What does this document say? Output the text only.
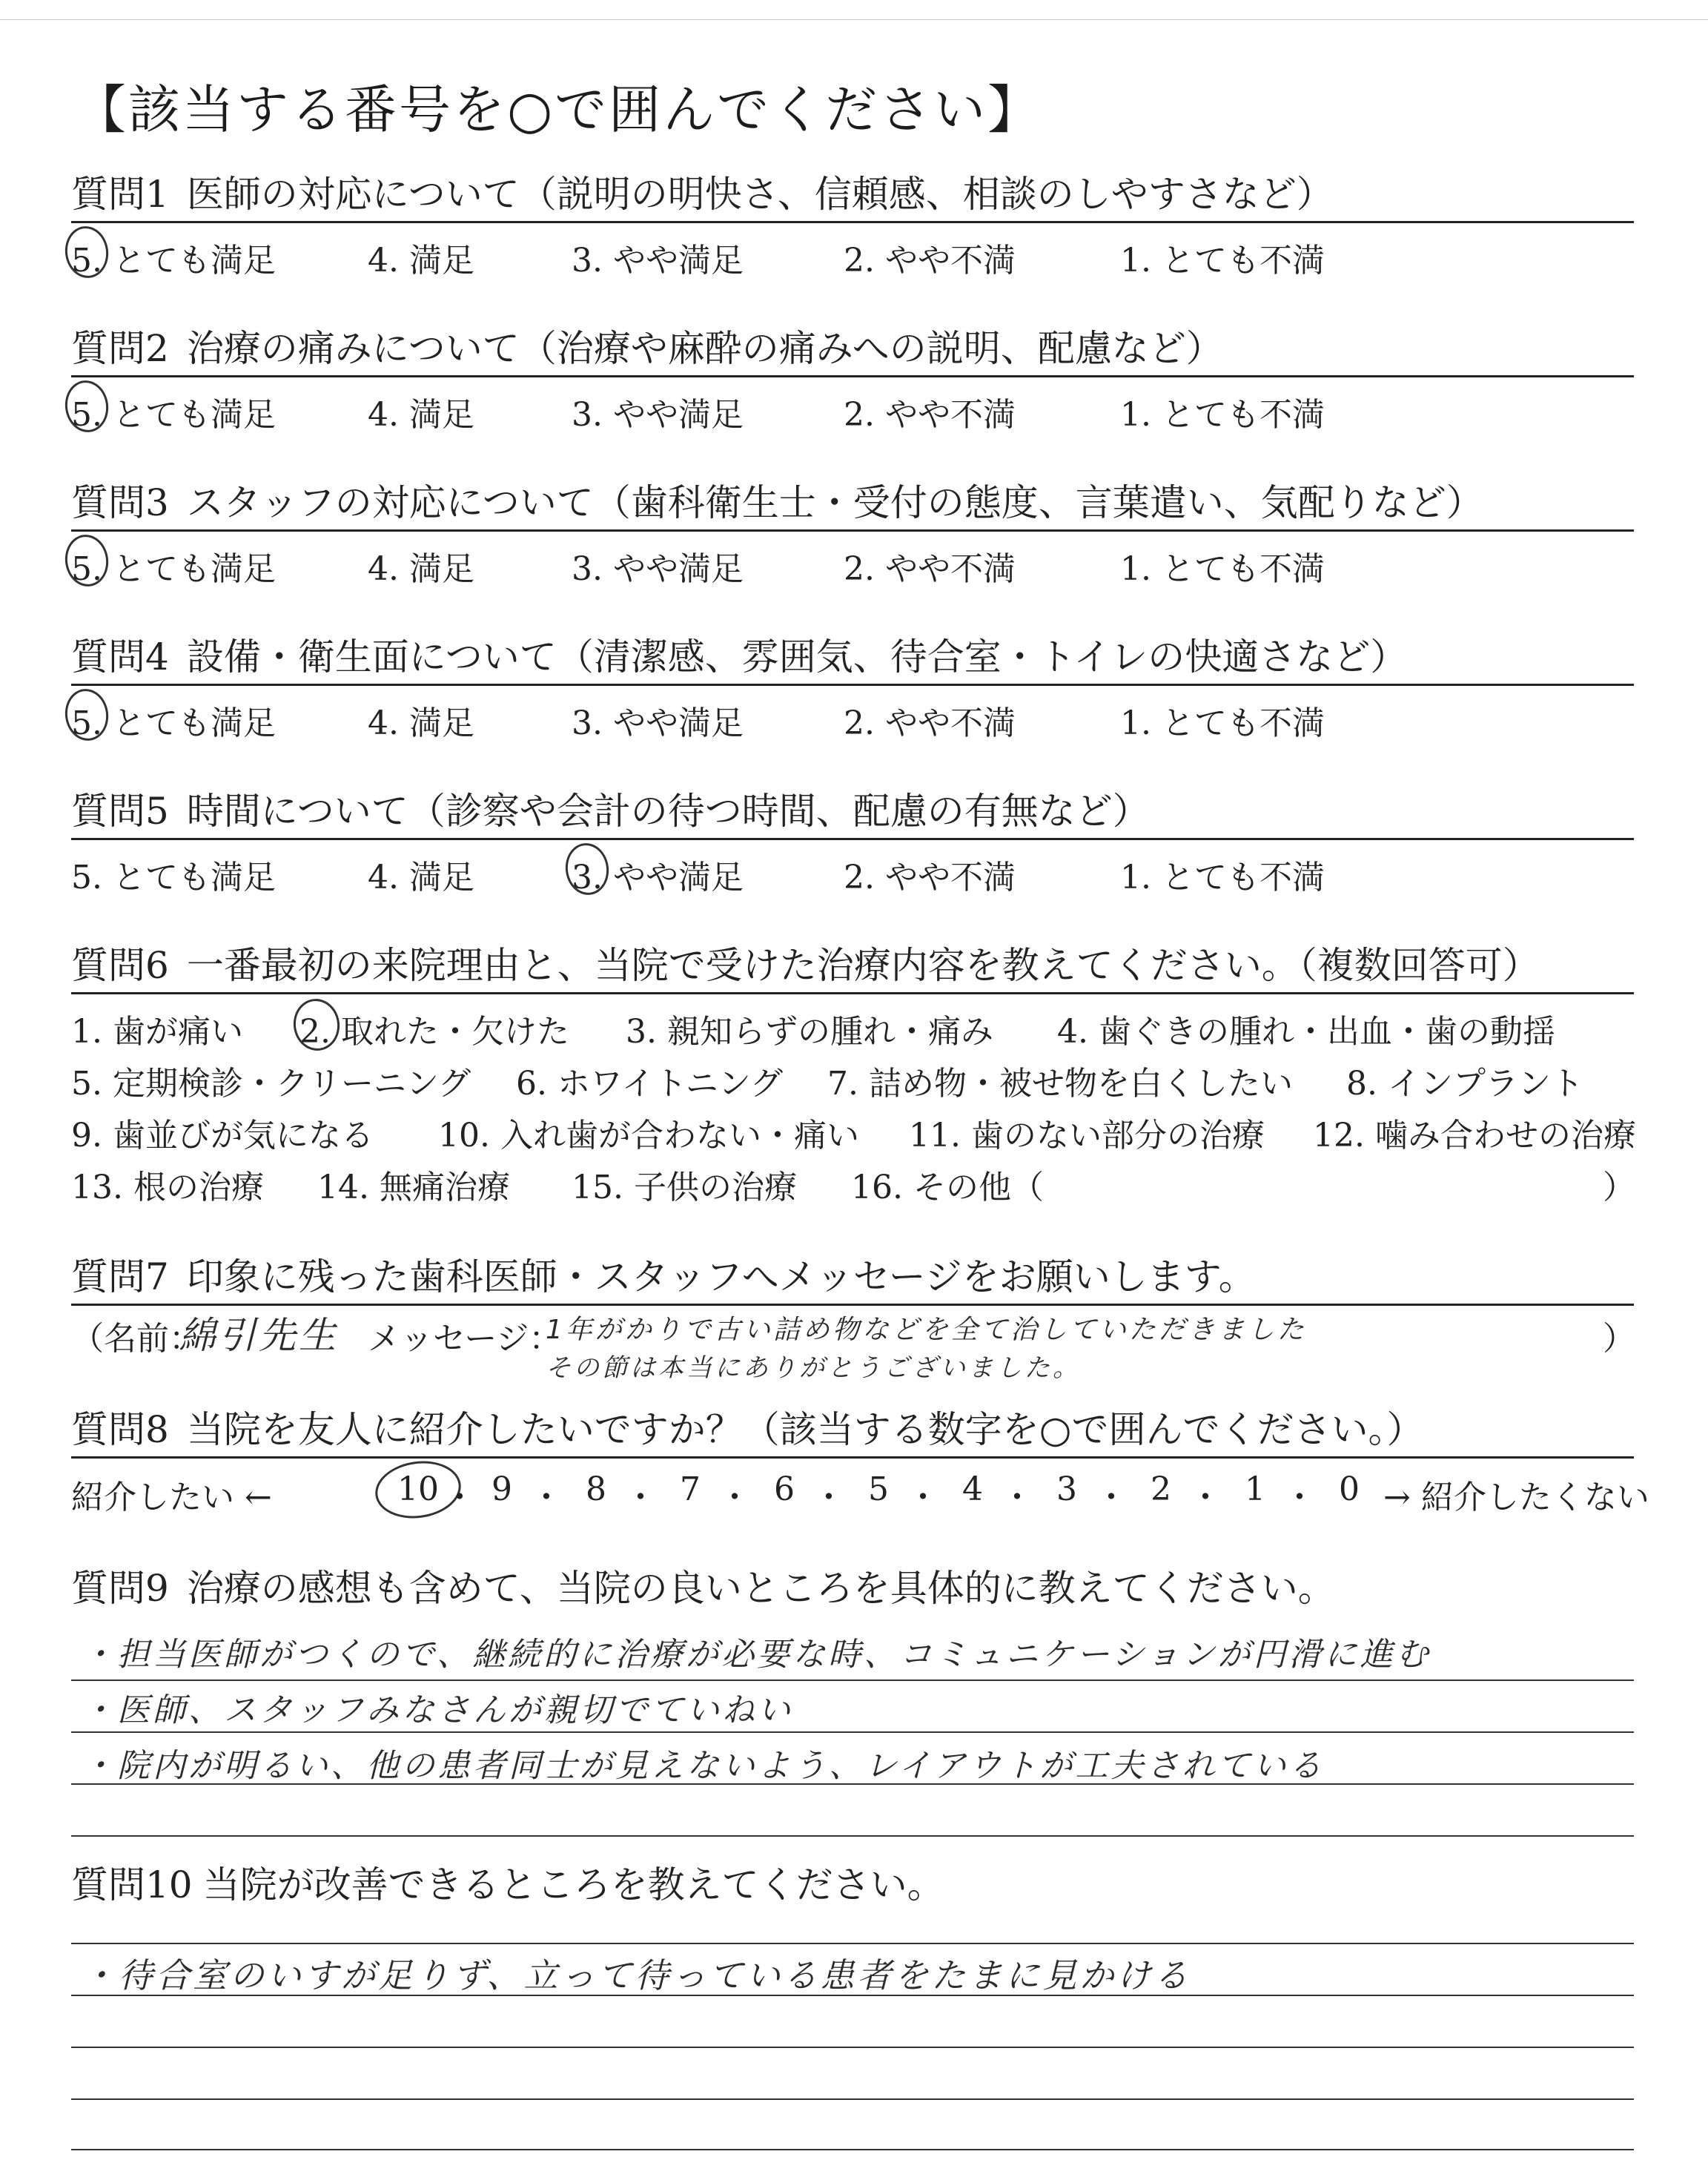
【該当する番号を○で囲んでください】
質問1 医師の対応について（説明の明快さ、信頼感、相談のしやすさなど）
5. とても満足	4. 満足	3. やや満足	2. やや不満	1. とても不満
質問2 治療の痛みについて（治療や麻酔の痛みへの説明、配慮など）
5. とても満足	4. 満足	3. やや満足	2. やや不満	1. とても不満
質問3 スタッフの対応について（歯科衛生士・受付の態度、言葉遣い、気配りなど）
5. とても満足	4. 満足	3. やや満足	2. やや不満	1. とても不満
質問4 設備・衛生面について（清潔感、雰囲気、待合室・トイレの快適さなど）
5. とても満足	4. 満足	3. やや満足	2. やや不満	1. とても不満
質問5 時間について（診察や会計の待つ時間、配慮の有無など）
5. とても満足	4. 満足	3. やや満足	2. やや不満	1. とても不満
質問6 一番最初の来院理由と、当院で受けた治療内容を教えてください。（複数回答可）
1. 歯が痛い 2. 取れた・欠けた 3. 親知らずの腫れ・痛み 4. 歯ぐきの腫れ・出血・歯の動揺
5. 定期検診・クリーニング 6. ホワイトニング 7. 詰め物・被せ物を白くしたい 8. インプラント
9. 歯並びが気になる 10. 入れ歯が合わない・痛い 11. 歯のない部分の治療 12. 噛み合わせの治療
13. 根の治療 14. 無痛治療 15. 子供の治療 16. その他（	）
質問7 印象に残った歯科医師・スタッフへメッセージをお願いします。
（名前：
綿引先生 メッセージ：
1年がかりで古い詰め物などを全て治していただきました
その節は本当にありがとうございました。
）
質問8 当院を友人に紹介したいですか？（該当する数字を○で囲んでください。）
紹介したい ←	→ 紹介したくない
10 ・ 9 ・ 8 ・ 7 ・ 6 ・ 5 ・ 4 ・ 3 ・ 2 ・ 1 ・ 0
質問9 治療の感想も含めて、当院の良いところを具体的に教えてください。
・担当医師がつくので、継続的に治療が必要な時、コミュニケーションが円滑に進む
・医師、スタッフみなさんが親切でていねい
・院内が明るい、他の患者同士が見えないよう、レイアウトが工夫されている
質問10 当院が改善できるところを教えてください。
・待合室のいすが足りず、立って待っている患者をたまに見かける
